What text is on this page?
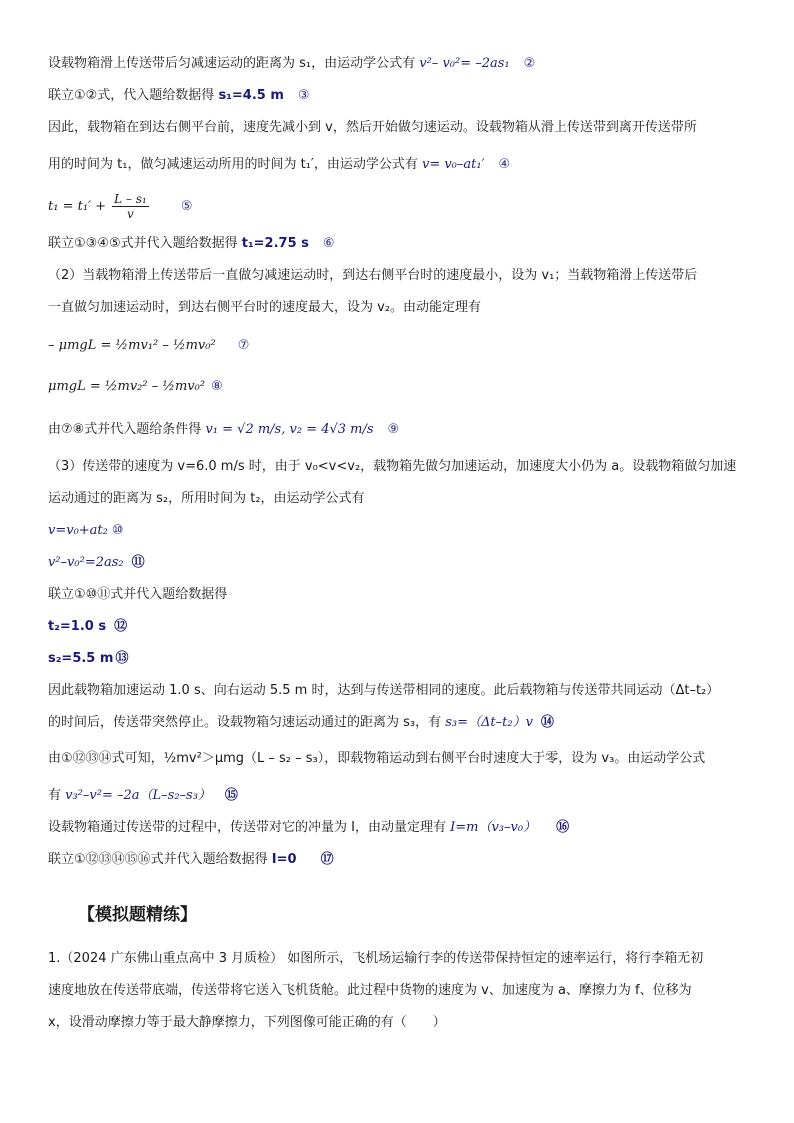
设载物箱滑上传送带后匀减速运动的距离为 s₁，由运动学公式有 v²– v₀²= –2as₁ ②
联立①②式，代入题给数据得 s₁=4.5 m ③
因此，载物箱在到达右侧平台前，速度先减小到 v，然后开始做匀速运动。设载物箱从滑上传送带到离开传送带所
用的时间为 t₁，做匀减速运动所用的时间为 t₁′，由运动学公式有 v= v₀–at₁′ ④
$t_1 = t_1' + \frac{\text{L – s₁}}{v}$ ⑤
联立①③④⑤式并代入题给数据得 t₁=2.75 s ⑥
（2）当载物箱滑上传送带后一直做匀减速运动时，到达右侧平台时的速度最小，设为 v₁；当载物箱滑上传送带后
一直做匀加速运动时，到达右侧平台时的速度最大，设为 v₂。由动能定理有
– μmgL = ½mv₁² – ½mv₀² ⑦
μmgL = ½mv₂² – ½mv₀² ⑧
由⑦⑧式并代入题给条件得 v₁ = √2 m/s, v₂ = 4√3 m/s ⑨
（3）传送带的速度为 v=6.0 m/s 时，由于 v₀<v<v₂，载物箱先做匀加速运动，加速度大小仍为 a。设载物箱做匀加速
运动通过的距离为 s₂，所用时间为 t₂，由运动学公式有
v=v₀+at₂ ⑩
v²–v₀²=2as₂ ⑪
联立①⑩⑪式并代入题给数据得
t₂=1.0 s ⑫
s₂=5.5 m ⑬
因此载物箱加速运动 1.0 s、向右运动 5.5 m 时，达到与传送带相同的速度。此后载物箱与传送带共同运动（Δt–t₂）
的时间后，传送带突然停止。设载物箱匀速运动通过的距离为 s₃，有 s₃=（Δt–t₂）v ⑭
由①⑫⑬⑭式可知，½mv²＞μmg（L – s₂ – s₃），即载物箱运动到右侧平台时速度大于零，设为 v₃。由运动学公式
有 v₃²–v²= –2a（L–s₂–s₃） ⑮
设载物箱通过传送带的过程中，传送带对它的冲量为 I，由动量定理有 I=m（v₃–v₀） ⑯
联立①⑫⑬⑭⑮⑯式并代入题给数据得 I=0 ⑰
【模拟题精练】
1.（2024 广东佛山重点高中 3 月质检） 如图所示，飞机场运输行李的传送带保持恒定的速率运行，将行李箱无初
速度地放在传送带底端，传送带将它送入飞机货舱。此过程中货物的速度为 v、加速度为 a、摩擦力为 f、位移为
x，设滑动摩擦力等于最大静摩擦力，下列图像可能正确的有（　　）
